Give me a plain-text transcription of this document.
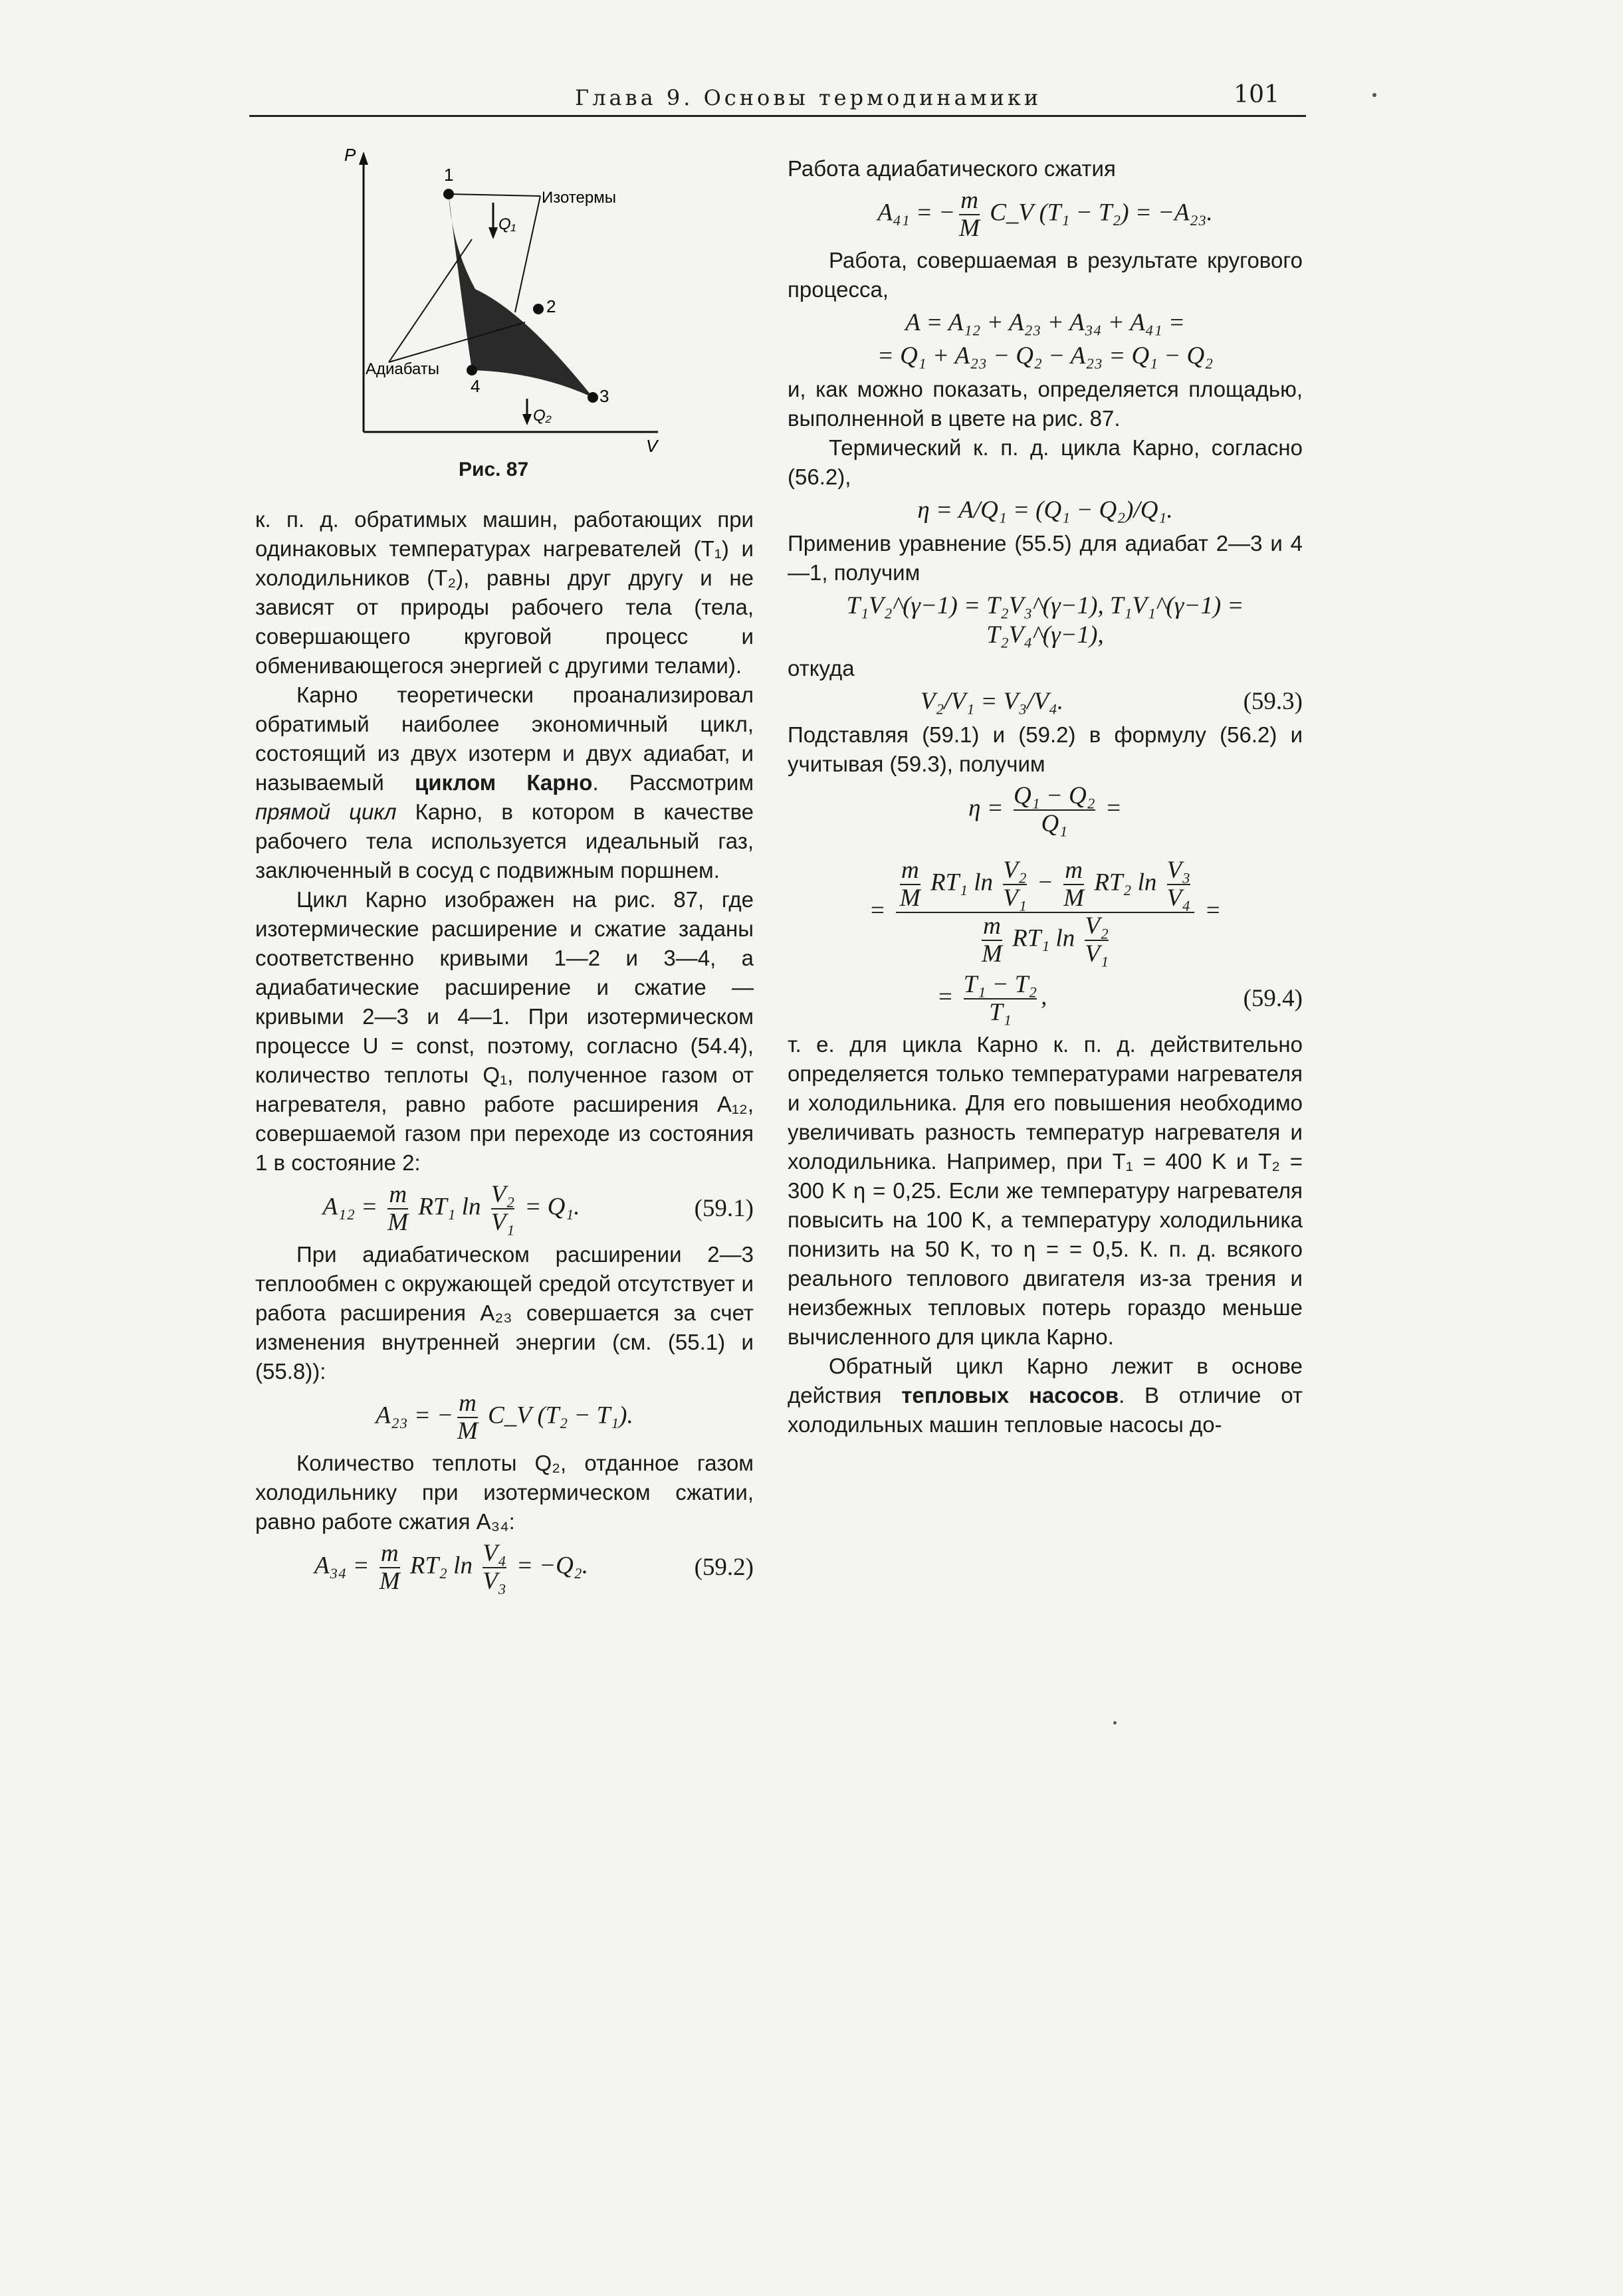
Глава 9. Основы термодинамики	101
P
V
1
2
3
4
Изотермы
Адиабаты
Q₁
Q₂
Рис. 87

к. п. д. обратимых машин, работающих при одинаковых температурах нагревателей (T₁) и холодильников (T₂), равны друг другу и не зависят от природы рабочего тела (тела, совершающего круговой процесс и обменивающегося энергией с другими телами).

Карно теоретически проанализировал обратимый наиболее экономичный цикл, состоящий из двух изотерм и двух адиабат, и называемый циклом Карно. Рассмотрим прямой цикл Карно, в котором в качестве рабочего тела используется идеальный газ, заключенный в сосуд с подвижным поршнем.

Цикл Карно изображен на рис. 87, где изотермические расширение и сжатие заданы соответственно кривыми 1—2 и 3—4, а адиабатические расширение и сжатие — кривыми 2—3 и 4—1. При изотермическом процессе U = const, поэтому, согласно (54.4), количество теплоты Q₁, полученное газом от нагревателя, равно работе расширения A₁₂, совершаемой газом при переходе из состояния 1 в состояние 2:

$A_{12} = \frac{m}{M} RT_1$ $\ln \frac{\text{V₂}}{\text{V₁}} = Q_1$.	(59.1)

При адиабатическом расширении 2—3 теплообмен с окружающей средой отсутствует и работа расширения A₂₃ совершается за счет изменения внутренней энергии (см. (55.1) и (55.8)):

A₂₃ = − $\frac{m}{M}$ C_V (T₂ − T₁).

Количество теплоты Q₂, отданное газом холодильнику при изотермическом сжатии, равно работе сжатия A₃₄:

$A_{34} = \frac{m}{M} RT_2$ $\ln \frac{\text{V₄}}{\text{V₃}} = -Q_2$.	(59.2)

Работа адиабатического сжатия

A₄₁ = − $\frac{m}{M}$ C_V (T₁ − T₂) = −A₂₃.

Работа, совершаемая в результате кругового процесса,

A = A₁₂ + A₂₃ + A₃₄ + A₄₁ =
= Q₁ + A₂₃ − Q₂ − A₂₃ = Q₁ − Q₂

и, как можно показать, определяется площадью, выполненной в цвете на рис. 87.

Термический к. п. д. цикла Карно, согласно (56.2),

η = A/Q₁ = (Q₁ − Q₂)/Q₁.

Применив уравнение (55.5) для адиабат 2—3 и 4—1, получим

T₁V₂^(γ−1) = T₂V₃^(γ−1), T₁V₁^(γ−1) = T₂V₄^(γ−1),

откуда

V₂/V₁ = V₃/V₄.	(59.3)

Подставляя (59.1) и (59.2) в формулу (56.2) и учитывая (59.3), получим

$\eta = \frac{\text{Q₁ − Q₂}}{\text{Q₁}}$ =
= $\frac{\frac{m}{M} RT_1 \ln \frac{\text{V₂}}{\text{V₁}} - \frac{m}{M} RT_2 \ln \frac{\text{V₃}}{\text{V₄}}}{\frac{m}{M} RT_1 \ln \frac{\text{V₂}}{\text{V₁}}}$ =
= $\frac{\text{T₁ − T₂}}{\text{T₁}}$ ,	(59.4)

т. е. для цикла Карно к. п. д. действительно определяется только температурами нагревателя и холодильника. Для его повышения необходимо увеличивать разность температур нагревателя и холодильника. Например, при T₁ = 400 K и T₂ = 300 K η = 0,25. Если же температуру нагревателя повысить на 100 K, а температуру холодильника понизить на 50 K, то η = = 0,5. К. п. д. всякого реального теплового двигателя из-за трения и неизбежных тепловых потерь гораздо меньше вычисленного для цикла Карно.

Обратный цикл Карно лежит в основе действия тепловых насосов. В отличие от холодильных машин тепловые насосы до-
